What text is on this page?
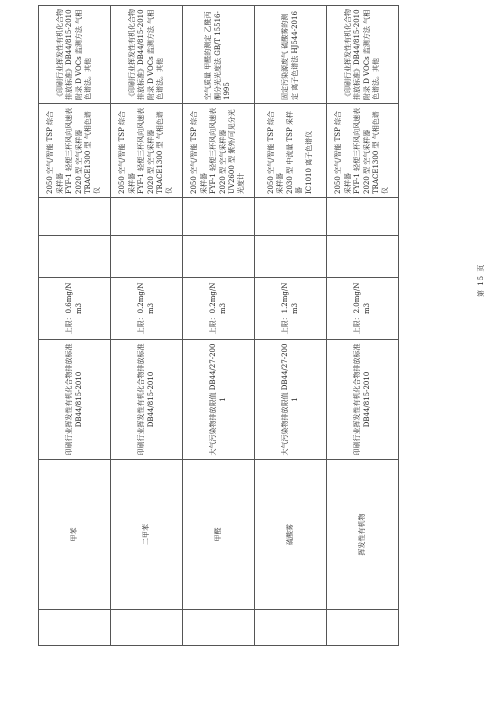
	甲苯	印刷行业挥发性有机化合物排放标准 DB44/815-2010	上限：0.6mg/Nm3			2050 空气/智能 TSP 综合采样器 FYF-1 轻便三杯风向风速表 2020 型 空气采样器 TRACE1300 型 气相色谱仪	《印刷行业挥发性有机化合物排放标准》DB44/815-2010 附录 D VOCs 监测方法 气相色谱法。其他
	二甲苯	印刷行业挥发性有机化合物排放标准 DB44/815-2010	上限：0.2mg/Nm3			2050 空气/智能 TSP 综合采样器 FYF-1 轻便三杯风向风速表 2020 型 空气采样器 TRACE1300 型 气相色谱仪	《印刷行业挥发性有机化合物排放标准》DB44/815-2010 附录 D VOCs 监测方法 气相色谱法。其他
	甲醛	大气污染物排放限值 DB44/27-2001	上限：0.2mg/Nm3			2050 空气/智能 TSP 综合采样器 FYF-1 轻便三杯风向风速表 2020 型 空气采样器 UV2600 型 紫外/可见分光光度计	空气质量 甲醛的测定 乙酰丙酮分光光度法 GB/T 15516-1995
	硫酸雾	大气污染物排放限值 DB44/27-2001	上限：1.2mg/Nm3			2050 空气/智能 TSP 综合采样器 2030 型 中流量 TSP 采样器 IC1010 离子色谱仪	固定污染源废气 硫酸雾的测定 离子色谱法 HJ544-2016
	挥发性有机物	印刷行业挥发性有机化合物排放标准 DB44/815-2010	上限：2.0mg/Nm3			2050 空气/智能 TSP 综合采样器 FYF-1 轻便三杯风向风速表 2020 型 空气采样器 TRACE1300 型 气相色谱仪	《印刷行业挥发性有机化合物排放标准》DB44/815-2010 附录 D VOCs 监测方法 气相色谱法。其他
第 15 页
